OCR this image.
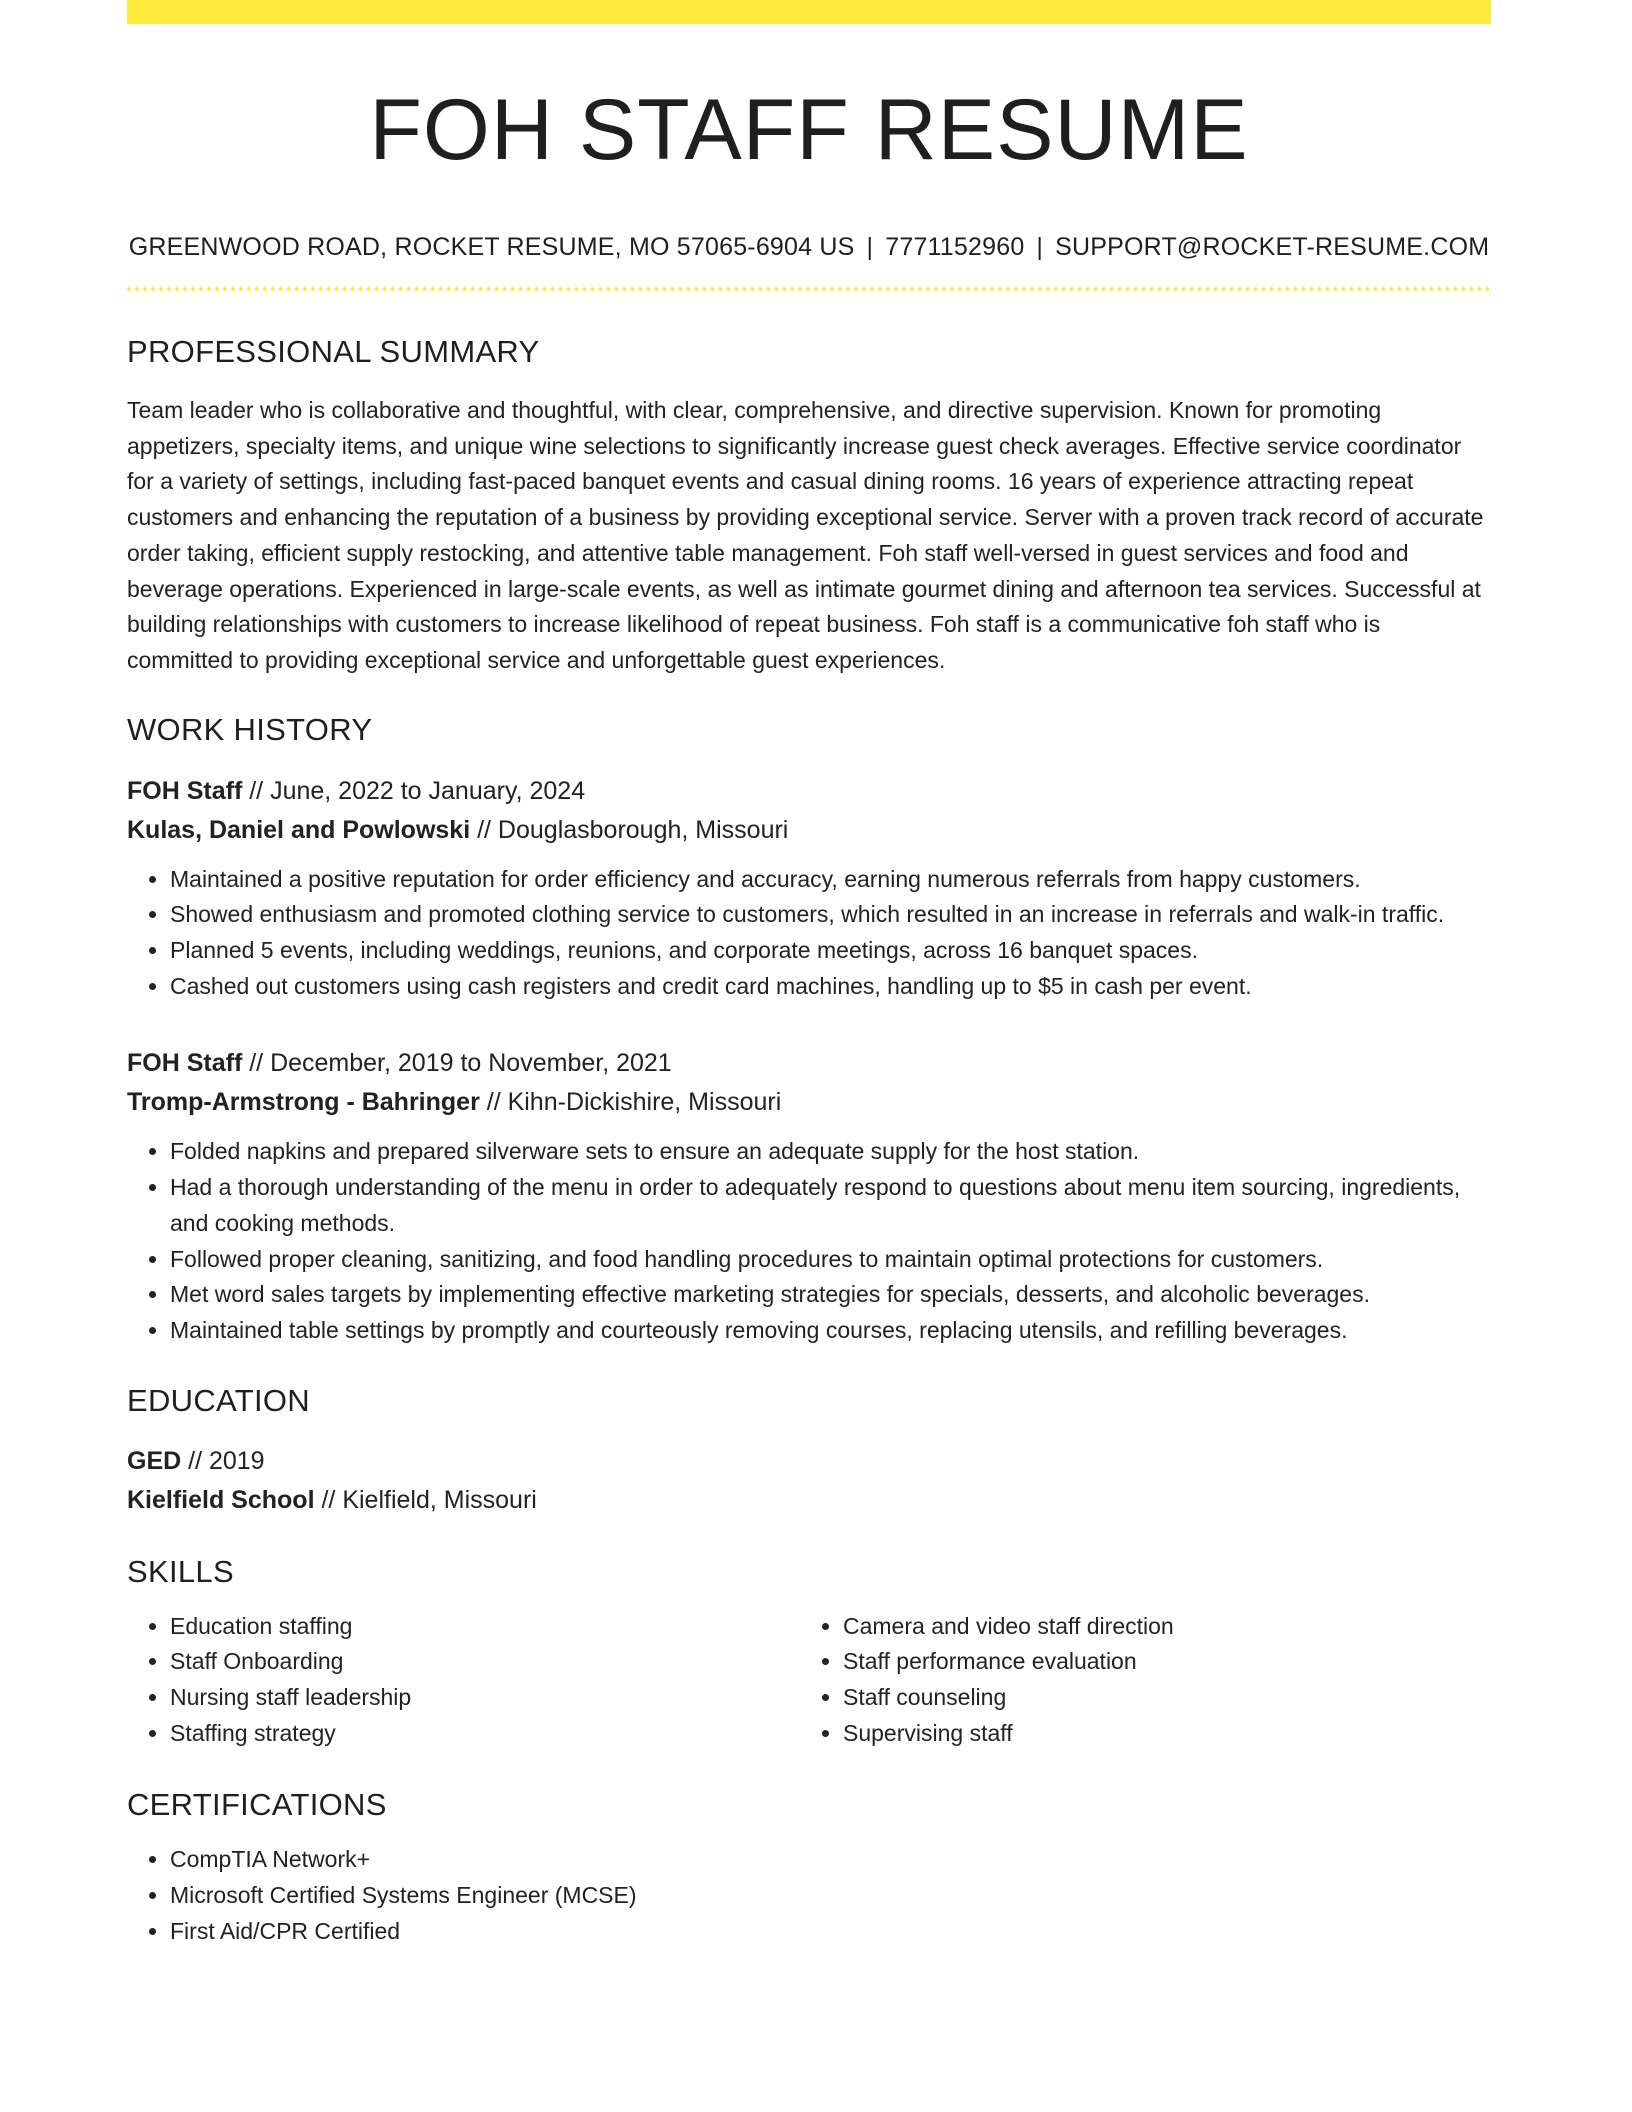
FOH STAFF RESUME
GREENWOOD ROAD, ROCKET RESUME, MO 57065-6904 US | 7771152960 | SUPPORT@ROCKET-RESUME.COM
PROFESSIONAL SUMMARY
Team leader who is collaborative and thoughtful, with clear, comprehensive, and directive supervision. Known for promoting appetizers, specialty items, and unique wine selections to significantly increase guest check averages. Effective service coordinator for a variety of settings, including fast-paced banquet events and casual dining rooms. 16 years of experience attracting repeat customers and enhancing the reputation of a business by providing exceptional service. Server with a proven track record of accurate order taking, efficient supply restocking, and attentive table management. Foh staff well-versed in guest services and food and beverage operations. Experienced in large-scale events, as well as intimate gourmet dining and afternoon tea services. Successful at building relationships with customers to increase likelihood of repeat business. Foh staff is a communicative foh staff who is committed to providing exceptional service and unforgettable guest experiences.
WORK HISTORY
FOH Staff // June, 2022 to January, 2024
Kulas, Daniel and Powlowski // Douglasborough, Missouri
• Maintained a positive reputation for order efficiency and accuracy, earning numerous referrals from happy customers.
• Showed enthusiasm and promoted clothing service to customers, which resulted in an increase in referrals and walk-in traffic.
• Planned 5 events, including weddings, reunions, and corporate meetings, across 16 banquet spaces.
• Cashed out customers using cash registers and credit card machines, handling up to $5 in cash per event.
FOH Staff // December, 2019 to November, 2021
Tromp-Armstrong - Bahringer // Kihn-Dickishire, Missouri
• Folded napkins and prepared silverware sets to ensure an adequate supply for the host station.
• Had a thorough understanding of the menu in order to adequately respond to questions about menu item sourcing, ingredients, and cooking methods.
• Followed proper cleaning, sanitizing, and food handling procedures to maintain optimal protections for customers.
• Met word sales targets by implementing effective marketing strategies for specials, desserts, and alcoholic beverages.
• Maintained table settings by promptly and courteously removing courses, replacing utensils, and refilling beverages.
EDUCATION
GED // 2019
Kielfield School // Kielfield, Missouri
SKILLS
• Education staffing
• Staff Onboarding
• Nursing staff leadership
• Staffing strategy
• Camera and video staff direction
• Staff performance evaluation
• Staff counseling
• Supervising staff
CERTIFICATIONS
• CompTIA Network+
• Microsoft Certified Systems Engineer (MCSE)
• First Aid/CPR Certified
